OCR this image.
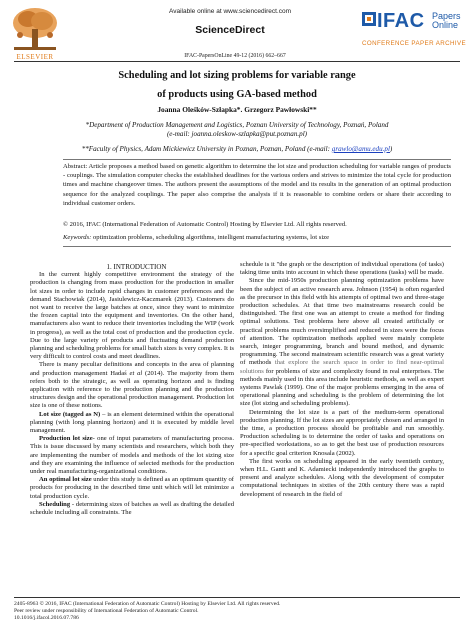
ELSEVIER
Available online at www.sciencedirect.com
ScienceDirect	IFAC Papers
Online
CONFERENCE PAPER ARCHIVE
IFAC-PapersOnLine 49-12 (2016) 662–667
Scheduling and lot sizing problems for variable range
of products using GA-based method
Joanna Oleśków-Szłapka*. Grzegorz Pawłowski**
*Department of Production Management and Logistics, Poznan University of Technology, Poznań, Poland
(e-mail: joanna.oleskow-szlapka@put.poznan.pl)
**Faculty of Physics, Adam Mickiewicz University in Poznan, Poznan, Poland (e-mail: grawlo@amu.edu.pl)
Abstract: Article proposes a method based on genetic algorithm to determine the lot size and production scheduling for variable ranges of products - couplings. The simulation computer checks the established deadlines for the various orders and strives to minimize the total cycle for production times and machine changeover times. The authors present the assumptions of the model and its results in the generation of an optimal production sequence for the analyzed couplings. The paper also comprise the analysis if it is reasonable to combine orders or share their according to individual customer orders.
© 2016, IFAC (International Federation of Automatic Control) Hosting by Elsevier Ltd. All rights reserved.
Keywords: optimization problems, scheduling algorithms, intelligent manufacturing systems, lot size

1. INTRODUCTION

In the current highly competitive environment the strategy of the production is changing from mass production for the production in smaller lot sizes in order to include rapid changes in customer preferences and the demand Stachowiak (2014), Jasiulewicz-Kaczmarek (2013). Customers do not want to receive the large batches at once, since they want to minimize the frozen capital into the equipment and inventories. On the other hand, manufacturers also want to reduce their inventories including the WIP (work in progress), as well as the total cost of production and the production cycle. Due to the large variety of products and fluctuating demand production planning and scheduling problems for small batch sizes is very complex. It is very difficult to control costs and meet deadlines.

There is many peculiar definitions and concepts in the area of planning and production management Hadaś et al (2014). The majority from them refers both to the strategic, as well as operating horizon and is finding application with reference to the production planning and the production structures design and the operational production management. Production lot size is one of these notions.

Lot size (tagged as N) – is an element determined within the operational planning (with long planning horizon) and it is executed by middle level management.

Production lot size- one of input parameters of manufacturing process. This is issue discussed by many scientists and researchers, which both they are implementing the number of models and methods of the lot sizing size and they are examining the influence of selected methods for the production under real manufacturing-organizational conditions.

An optimal lot size under this study is defined as an optimum quantity of products for producing in the described time unit which will let minimize a total production cycle.

Scheduling - determining sizes of batches as well as drafting the detailed schedule including all constraints. The

schedule is it "the graph or the description of individual operations (of tasks) taking time units into account in which these operations (tasks) will be made.

Since the mid-1950s production planning optimization problems have been the subject of an active research area. Johnson (1954) is often regarded as the precursor in this field with his attempts of optimal two and three-stage production schedules. At that time two mainstreams research could be distinguished. The first one was an attempt to create a method for finding optimal solutions. Test problems here above all created artificially or practical problems much oversimplified and reduced in sizes were the focus of attention. The optimization methods applied were mainly complete search, integer programming, branch and bound method, and dynamic programming. The second mainstream scientific research was a great variety of methods that explore the search space in order to find near-optimal solutions for problems of size and complexity found in real enterprises. The methods mainly used in this area include heuristic methods, as well as expert systems Pawlak (1999). One of the major problems emerging in the area of operational planning and scheduling is the problem of determining the lot size (lot sizing and scheduling problems).

Determining the lot size is a part of the medium-term operational production planning. If the lot sizes are appropriately chosen and arranged in the time, a production process should be profitable and run smoothly. Production scheduling is to determine the order of tasks and operations on pre-specified workstations, so as to get the best use of production resources for a specific goal criterion Knosala (2002).

The first works on scheduling appeared in the early twentieth century, when H.L. Gantt and K. Adamiecki independently introduced the graphs to present and analyze schedules. Along with the development of computer computational techniques in sixties of the 20th century there was a rapid development of research in the field of

2405-8963 © 2016, IFAC (International Federation of Automatic Control) Hosting by Elsevier Ltd. All rights reserved.
Peer review under responsibility of International Federation of Automatic Control.
10.1016/j.ifacol.2016.07.786
